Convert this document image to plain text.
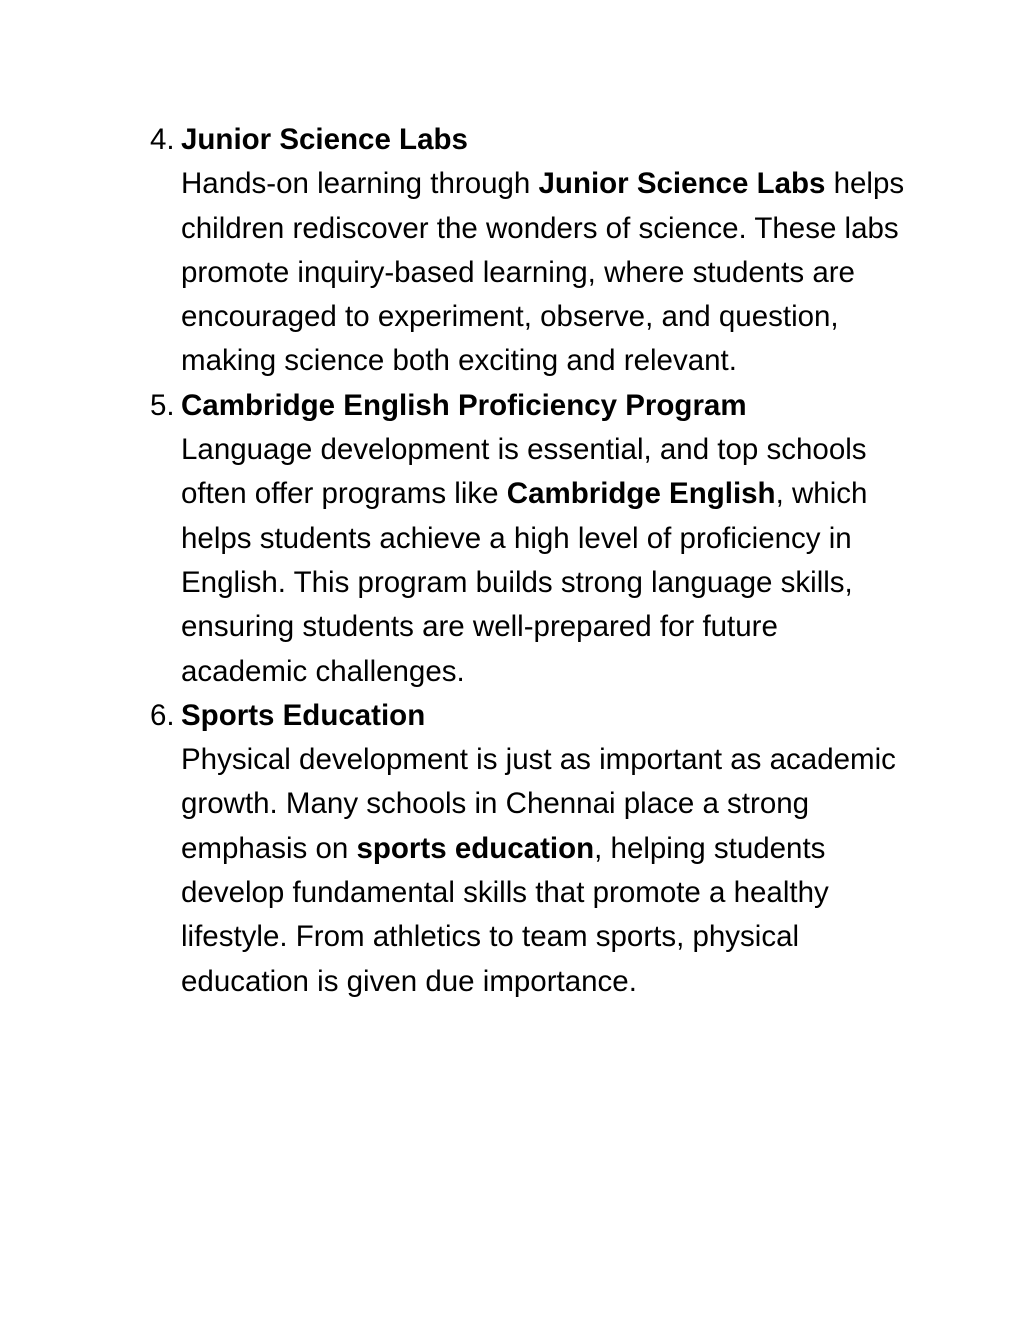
4. Junior Science Labs
Hands-on learning through Junior Science Labs helps children rediscover the wonders of science. These labs promote inquiry-based learning, where students are encouraged to experiment, observe, and question, making science both exciting and relevant.
5. Cambridge English Proficiency Program
Language development is essential, and top schools often offer programs like Cambridge English, which helps students achieve a high level of proficiency in English. This program builds strong language skills, ensuring students are well-prepared for future academic challenges.
6. Sports Education
Physical development is just as important as academic growth. Many schools in Chennai place a strong emphasis on sports education, helping students develop fundamental skills that promote a healthy lifestyle. From athletics to team sports, physical education is given due importance.
